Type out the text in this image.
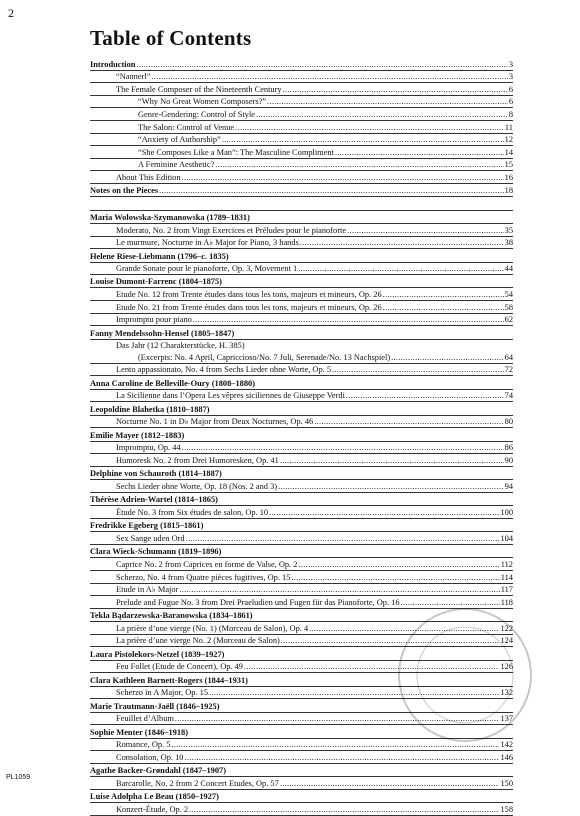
2
Table of Contents
Introduction .....	3
“Nannerl” .....	3
The Female Composer of the Nineteenth Century .....	6
“Why No Great Women Composers?” .....	6
Genre-Gendering: Control of Style .....	8
The Salon: Control of Venue .....	11
“Anxiety of Authorship” .....	12
“She Composes Like a Man”: The Masculine Compliment .....	14
A Feminine Aesthetic? .....	15
About This Edition .....	16
Notes on the Pieces .....	18
Maria Wolowska-Szymanowska (1789–1831)
Moderato, No. 2 from Vingt Exercices et Préludes pour le pianoforte .....	35
Le murmure, Nocturne in A♭ Major for Piano, 3 hands .....	38
Helene Riese-Liebmann (1796–c. 1835)
Grande Sonate pour le pianoforte, Op. 3, Movement 1 .....	44
Louise Dumont-Farrenc (1804–1875)
Etude No. 12 from Trente études dans tous les tons, majeurs et mineurs, Op. 26 .....	54
Etude No. 21 from Trente études dans tous les tons, majeurs et mineurs, Op. 26 .....	58
Impromptu pour piano .....	62
Fanny Mendelssohn-Hensel (1805–1847)
Das Jahr (12 Charakterstücke, H. 385)
(Excerpts: No. 4 April, Capriccioso/No. 7 Juli, Serenade/No. 13 Nachspiel) .....	64
Lento appassionato, No. 4 from Sechs Lieder ohne Worte, Op. 5 .....	72
Anna Caroline de Belleville-Oury (1808–1880)
La Sicilienne dans l’Opera Les vêpres siciliennes de Giuseppe Verdi .....	74
Leopoldine Blahetka (1810–1887)
Nocturne No. 1 in D♭ Major from Deux Nocturnes, Op. 46 .....	80
Emilie Mayer (1812–1883)
Impromptu, Op. 44 .....	86
Humoresk No. 2 from Drei Humoresken, Op. 41 .....	90
Delphine von Schauroth (1814–1887)
Sechs Lieder ohne Worte, Op. 18 (Nos. 2 and 3) .....	94
Thérèse Adrien-Wartel (1814–1865)
Étude No. 3 from Six études de salon, Op. 10 .....	100
Fredrikke Egeberg (1815–1861)
Sex Sange uden Ord .....	104
Clara Wieck-Schumann (1819–1896)
Caprice No. 2 from Caprices en forme de Valse, Op. 2 .....	112
Scherzo, No. 4 from Quatre pièces fugitives, Op. 15 .....	114
Etude in A♭ Major .....	117
Prelude and Fugue No. 3 from Drei Praeludien und Fugen für das Pianoforte, Op. 16 .....	118
Tekla Bądarzewska-Baranowska (1834–1861)
La prière d’une vierge (No. 1) (Morceau de Salon), Op. 4 .....	122
La prière d’une vierge No. 2 (Morceau de Salon) .....	124
Laura Pistolekors-Netzel (1839–1927)
Feu Follet (Etude de Concert), Op. 49 .....	126
Clara Kathleen Barnett-Rogers (1844–1931)
Scherzo in A Major, Op. 15 .....	132
Marie Trautmann-Jaëll (1846–1925)
Feuillet d’Album .....	137
Sophie Menter (1846–1918)
Romance, Op. 5 .....	142
Consolation, Op. 10 .....	146
Agathe Backer-Grøndahl (1847–1907)
Barcarolle, No. 2 from 2 Concert Etudes, Op. 57 .....	150
Luise Adolpha Le Beau (1850–1927)
Konzert-Étude, Op. 2 .....	158
PL1059
